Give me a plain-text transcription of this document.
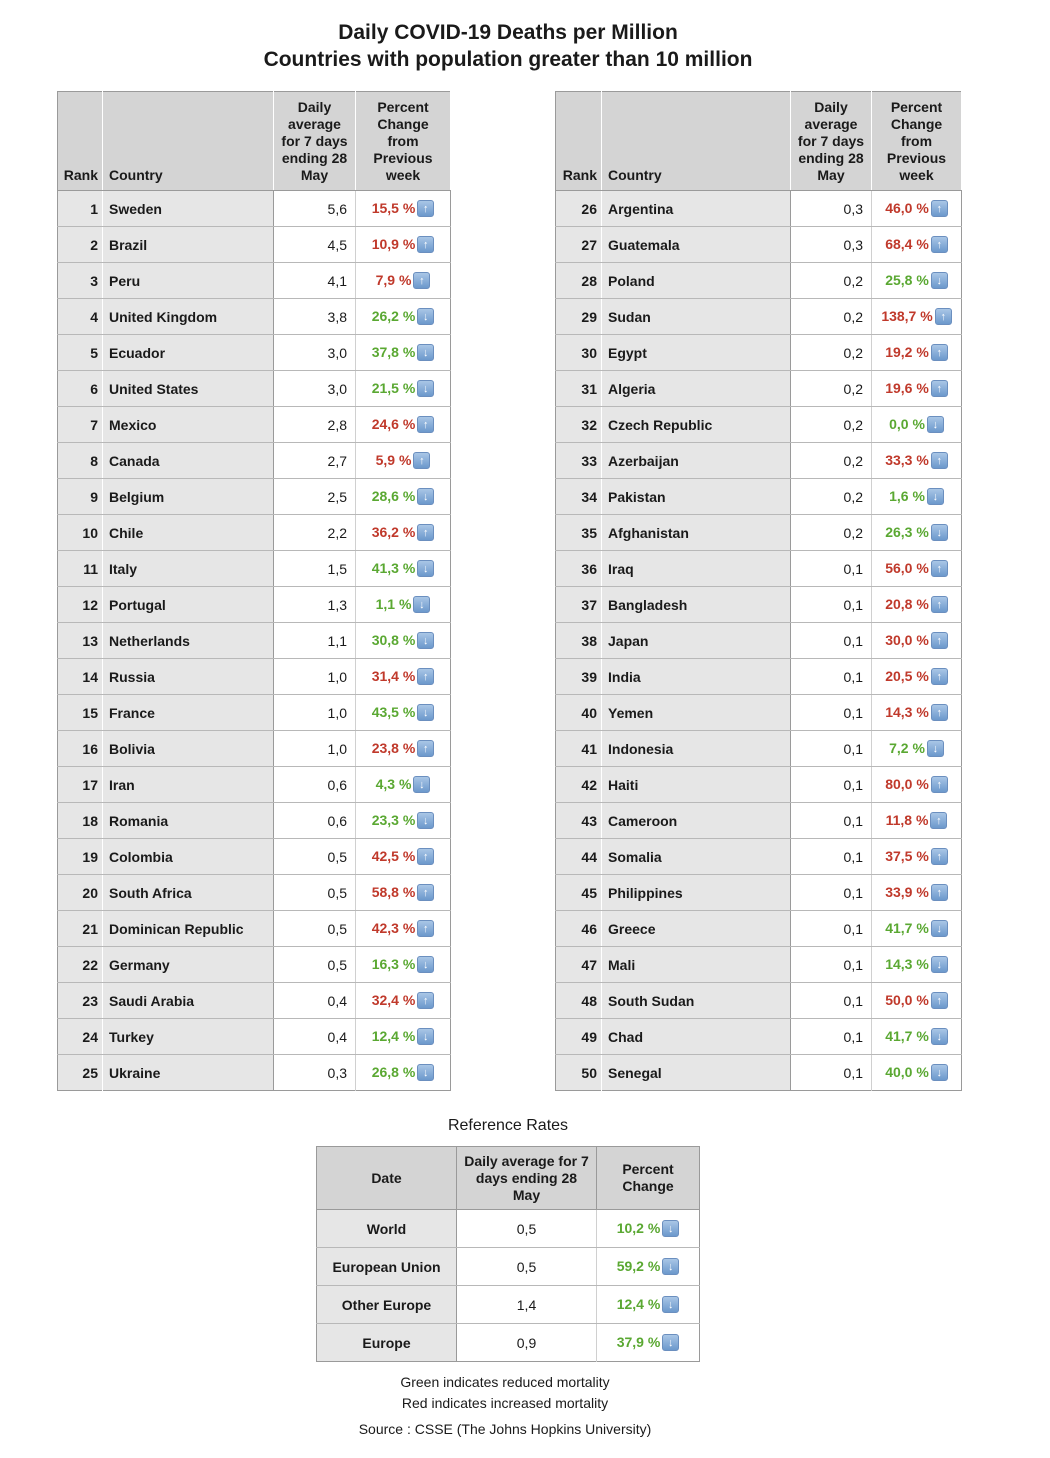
Daily COVID-19 Deaths per Million
Countries with population greater than 10 million
Rank	Country	Daily average for 7 days ending 28 May	Percent Change from Previous week
1	Sweden	5,6	15,5 % ↑
2	Brazil	4,5	10,9 % ↑
3	Peru	4,1	7,9 % ↑
4	United Kingdom	3,8	26,2 % ↓
5	Ecuador	3,0	37,8 % ↓
6	United States	3,0	21,5 % ↓
7	Mexico	2,8	24,6 % ↑
8	Canada	2,7	5,9 % ↑
9	Belgium	2,5	28,6 % ↓
10	Chile	2,2	36,2 % ↑
11	Italy	1,5	41,3 % ↓
12	Portugal	1,3	1,1 % ↓
13	Netherlands	1,1	30,8 % ↓
14	Russia	1,0	31,4 % ↑
15	France	1,0	43,5 % ↓
16	Bolivia	1,0	23,8 % ↑
17	Iran	0,6	4,3 % ↓
18	Romania	0,6	23,3 % ↓
19	Colombia	0,5	42,5 % ↑
20	South Africa	0,5	58,8 % ↑
21	Dominican Republic	0,5	42,3 % ↑
22	Germany	0,5	16,3 % ↓
23	Saudi Arabia	0,4	32,4 % ↑
24	Turkey	0,4	12,4 % ↓
25	Ukraine	0,3	26,8 % ↓
Rank	Country	Daily average for 7 days ending 28 May	Percent Change from Previous week
26	Argentina	0,3	46,0 % ↑
27	Guatemala	0,3	68,4 % ↑
28	Poland	0,2	25,8 % ↓
29	Sudan	0,2	138,7 % ↑
30	Egypt	0,2	19,2 % ↑
31	Algeria	0,2	19,6 % ↑
32	Czech Republic	0,2	0,0 % ↓
33	Azerbaijan	0,2	33,3 % ↑
34	Pakistan	0,2	1,6 % ↓
35	Afghanistan	0,2	26,3 % ↓
36	Iraq	0,1	56,0 % ↑
37	Bangladesh	0,1	20,8 % ↑
38	Japan	0,1	30,0 % ↑
39	India	0,1	20,5 % ↑
40	Yemen	0,1	14,3 % ↑
41	Indonesia	0,1	7,2 % ↓
42	Haiti	0,1	80,0 % ↑
43	Cameroon	0,1	11,8 % ↑
44	Somalia	0,1	37,5 % ↑
45	Philippines	0,1	33,9 % ↑
46	Greece	0,1	41,7 % ↓
47	Mali	0,1	14,3 % ↓
48	South Sudan	0,1	50,0 % ↑
49	Chad	0,1	41,7 % ↓
50	Senegal	0,1	40,0 % ↓
Reference Rates
Date	Daily average for 7 days ending 28 May	Percent Change
World	0,5	10,2 % ↓
European Union	0,5	59,2 % ↓
Other Europe	1,4	12,4 % ↓
Europe	0,9	37,9 % ↓
Green indicates reduced mortality
Red indicates increased mortality
Source : CSSE (The Johns Hopkins University)
